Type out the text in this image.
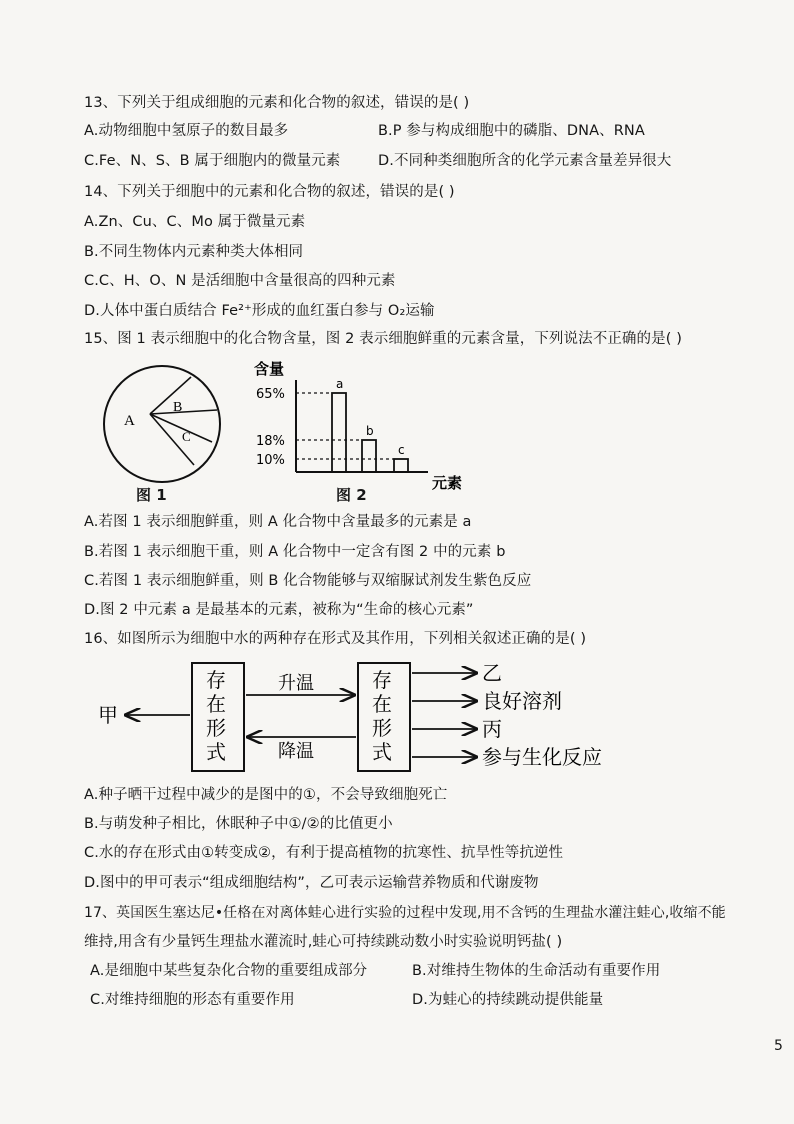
13、下列关于组成细胞的元素和化合物的叙述，错误的是( )
A.动物细胞中氢原子的数目最多	B.P 参与构成细胞中的磷脂、DNA、RNA
C.Fe、N、S、B 属于细胞内的微量元素	D.不同种类细胞所含的化学元素含量差异很大
14、下列关于细胞中的元素和化合物的叙述，错误的是( )
A.Zn、Cu、C、Mo 属于微量元素
B.不同生物体内元素种类大体相同
C.C、H、O、N 是活细胞中含量很高的四种元素
D.人体中蛋白质结合 Fe²⁺形成的血红蛋白参与 O₂运输
15、图 1 表示细胞中的化合物含量，图 2 表示细胞鲜重的元素含量，下列说法不正确的是( )
A
B
C
图 1
含量
65%
18%
10%
a
b
c
元素
图 2
A.若图 1 表示细胞鲜重，则 A 化合物中含量最多的元素是 a
B.若图 1 表示细胞干重，则 A 化合物中一定含有图 2 中的元素 b
C.若图 1 表示细胞鲜重，则 B 化合物能够与双缩脲试剂发生紫色反应
D.图 2 中元素 a 是最基本的元素，被称为“生命的核心元素”
16、如图所示为细胞中水的两种存在形式及其作用，下列相关叙述正确的是( )
存 在 形 式
存 在 形 式
升温
降温
甲
乙
良好溶剂
丙
参与生化反应
A.种子晒干过程中减少的是图中的①，不会导致细胞死亡
B.与萌发种子相比，休眠种子中①/②的比值更小
C.水的存在形式由①转变成②，有利于提高植物的抗寒性、抗旱性等抗逆性
D.图中的甲可表示“组成细胞结构”，乙可表示运输营养物质和代谢废物
17、英国医生塞达尼•任格在对离体蛙心进行实验的过程中发现,用不含钙的生理盐水灌注蛙心,收缩不能
维持,用含有少量钙生理盐水灌流时,蛙心可持续跳动数小时实验说明钙盐( )
A.是细胞中某些复杂化合物的重要组成部分	B.对维持生物体的生命活动有重要作用
C.对维持细胞的形态有重要作用	D.为蛙心的持续跳动提供能量
5
